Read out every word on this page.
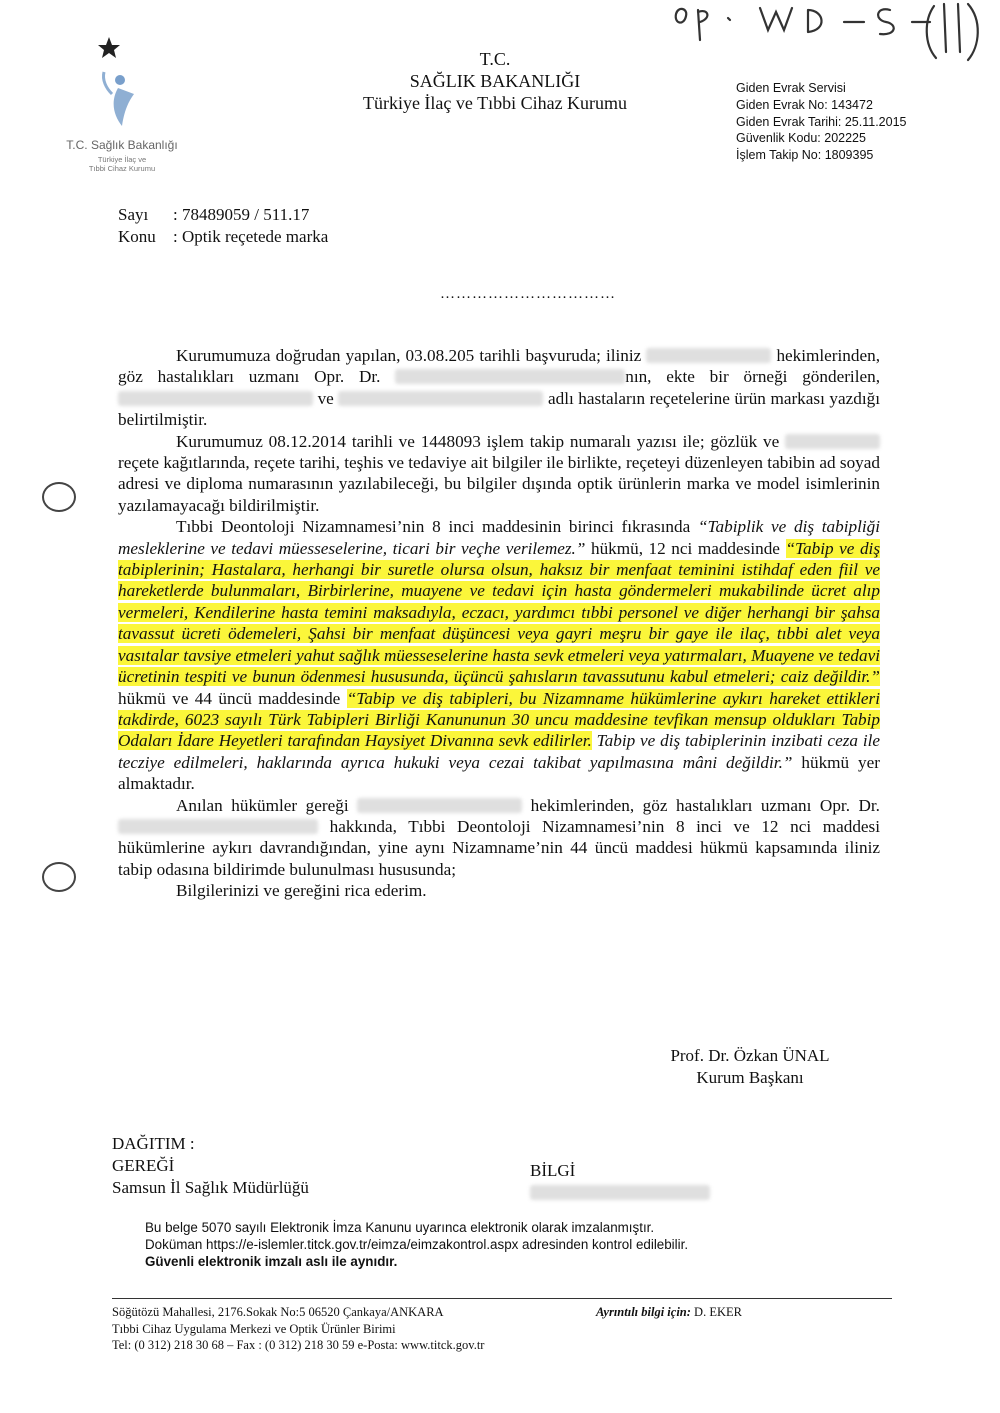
T.C. Sağlık Bakanlığı
Türkiye İlaç ve
Tıbbi Cihaz Kurumu
T.C.
SAĞLIK BAKANLIĞI
Türkiye İlaç ve Tıbbi Cihaz Kurumu
Giden Evrak Servisi
Giden Evrak No: 143472
Giden Evrak Tarihi: 25.11.2015
Güvenlik Kodu: 202225
İşlem Takip No: 1809395
Sayı : 78489059 / 511.17
Konu : Optik reçetede marka
……………………………

Kurumumuza doğrudan yapılan, 03.08.205 tarihli başvuruda; iliniz	hekimlerinden, göz hastalıkları uzmanı Opr. Dr.	nın, ekte bir örneği gönderilen,  ve	adlı hastaların reçetelerine ürün markası yazdığı belirtilmiştir.

Kurumumuz 08.12.2014 tarihli ve 1448093 işlem takip numaralı yazısı ile; gözlük ve  reçete kağıtlarında, reçete tarihi, teşhis ve tedaviye ait bilgiler ile birlikte, reçeteyi düzenleyen tabibin ad soyad adresi ve diploma numarasının yazılabileceği, bu bilgiler dışında optik ürünlerin marka ve model isimlerinin yazılamayacağı bildirilmiştir.

Tıbbi Deontoloji Nizamnamesi’nin 8 inci maddesinin birinci fıkrasında “Tabiplik ve diş tabipliği mesleklerine ve tedavi müesseselerine, ticari bir veçhe verilemez.” hükmü, 12 nci maddesinde “Tabip ve diş tabiplerinin; Hastalara, herhangi bir suretle olursa olsun, haksız bir menfaat teminini istihdaf eden fiil ve hareketlerde bulunmaları, Birbirlerine, muayene ve tedavi için hasta göndermeleri mukabilinde ücret alıp vermeleri, Kendilerine hasta temini maksadıyla, eczacı, yardımcı tıbbi personel ve diğer herhangi bir şahsa tavassut ücreti ödemeleri, Şahsi bir menfaat düşüncesi veya gayri meşru bir gaye ile ilaç, tıbbi alet veya vasıtalar tavsiye etmeleri yahut sağlık müesseselerine hasta sevk etmeleri veya yatırmaları, Muayene ve tedavi ücretinin tespiti ve bunun ödenmesi hususunda, üçüncü şahısların tavassutunu kabul etmeleri; caiz değildir.” hükmü ve 44 üncü maddesinde “Tabip ve diş tabipleri, bu Nizamname hükümlerine aykırı hareket ettikleri takdirde, 6023 sayılı Türk Tabipleri Birliği Kanununun 30 uncu maddesine tevfikan mensup oldukları Tabip Odaları İdare Heyetleri tarafından Haysiyet Divanına sevk edilirler. Tabip ve diş tabiplerinin inzibati ceza ile tecziye edilmeleri, haklarında ayrıca hukuki veya cezai takibat yapılmasına mâni değildir.” hükmü yer almaktadır.

Anılan hükümler gereği	hekimlerinden, göz hastalıkları uzmanı Opr. Dr.  hakkında, Tıbbi Deontoloji Nizamnamesi’nin 8 inci ve 12 nci maddesi hükümlerine aykırı davrandığından, yine aynı Nizamname’nin 44 üncü maddesi hükmü kapsamında iliniz tabip odasına bildirimde bulunulması hususunda;

Bilgilerinizi ve gereğini rica ederim.

Prof. Dr. Özkan ÜNAL
Kurum Başkanı
DAĞITIM :
GEREĞİ
Samsun İl Sağlık Müdürlüğü
BİLGİ
Bu belge 5070 sayılı Elektronik İmza Kanunu uyarınca elektronik olarak imzalanmıştır.
Doküman https://e-islemler.titck.gov.tr/eimza/eimzakontrol.aspx adresinden kontrol edilebilir.
Güvenli elektronik imzalı aslı ile aynıdır.
Söğütözü Mahallesi, 2176.Sokak No:5 06520 Çankaya/ANKARA
Tıbbi Cihaz Uygulama Merkezi ve Optik Ürünler Birimi
Tel: (0 312) 218 30 68 – Fax : (0 312) 218 30 59 e-Posta: www.titck.gov.tr
Ayrıntılı bilgi için: D. EKER
